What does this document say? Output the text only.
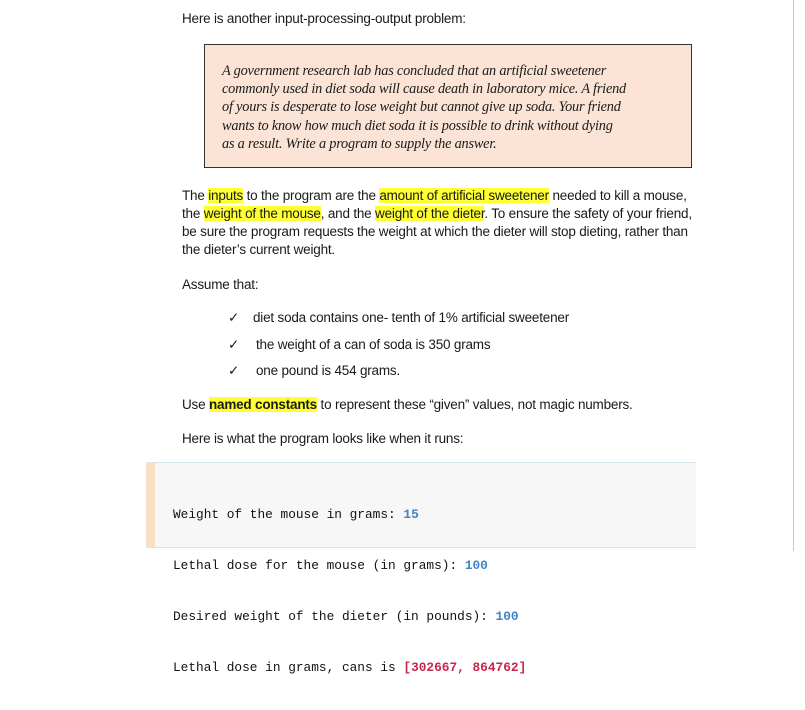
Here is another input-processing-output problem:
A government research lab has concluded that an artificial sweetener
commonly used in diet soda will cause death in laboratory mice. A friend
of yours is desperate to lose weight but cannot give up soda. Your friend
wants to know how much diet soda it is possible to drink without dying
as a result. Write a program to supply the answer.
The inputs to the program are the amount of artificial sweetener needed to kill a mouse,
the weight of the mouse, and the weight of the dieter. To ensure the safety of your friend,
be sure the program requests the weight at which the dieter will stop dieting, rather than
the dieter’s current weight.
Assume that:
✓ diet soda contains one- tenth of 1% artificial sweetener
✓ the weight of a can of soda is 350 grams
✓ one pound is 454 grams.
Use named constants to represent these “given” values, not magic numbers.
Here is what the program looks like when it runs:

Weight of the mouse in grams: 15

Lethal dose for the mouse (in grams): 100

Desired weight of the dieter (in pounds): 100

Lethal dose in grams, cans is [302667, 864762]
